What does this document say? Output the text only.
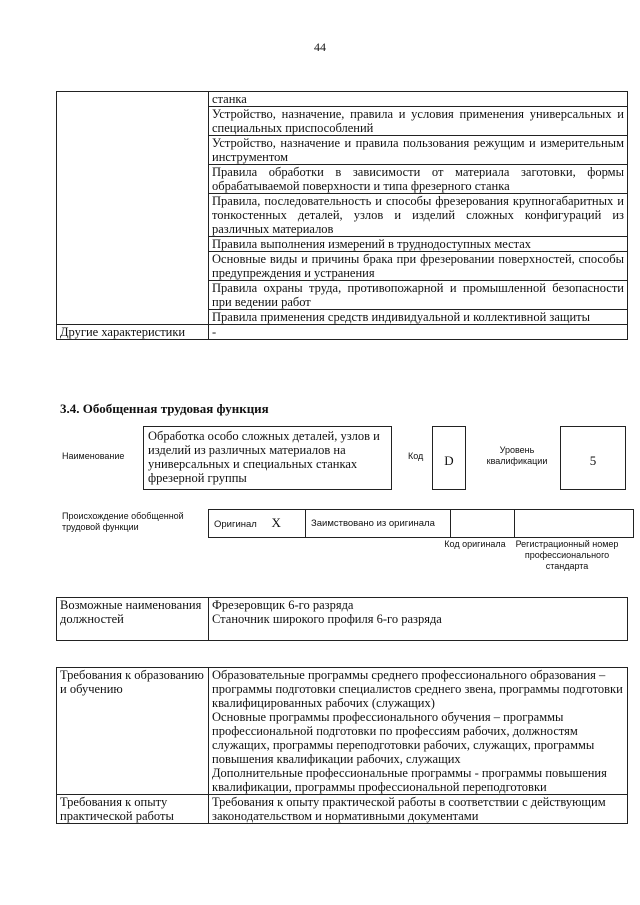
44
	станка
	Устройство, назначение, правила и условия применения универсальных и специальных приспособлений
	Устройство, назначение и правила пользования режущим и измерительным инструментом
	Правила обработки в зависимости от материала заготовки, формы обрабатываемой поверхности и типа фрезерного станка
	Правила, последовательность и способы фрезерования крупногабаритных и тонкостенных деталей, узлов и изделий сложных конфигураций из различных материалов
	Правила выполнения измерений в труднодоступных местах
	Основные виды и причины брака при фрезеровании поверхностей, способы предупреждения и устранения
	Правила охраны труда, противопожарной и промышленной безопасности при ведении работ
	Правила применения средств индивидуальной и коллективной защиты
Другие характеристики	-
3.4. Обобщенная трудовая функция
Наименование
Обработка особо сложных деталей, узлов и изделий из различных материалов на универсальных и специальных станках фрезерной группы
Код	D
Уровень квалификации	5
Происхождение обобщенной трудовой функции	Оригинал X	Заимствовано из оригинала		
Код оригинала	Регистрационный номер профессионального стандарта
Возможные наименования должностей	
Фрезеровщик 6-го разряда
Станочник широкого профиля 6-го разряда
Требования к образованию и обучению	Образовательные программы среднего профессионального образования – программы подготовки специалистов среднего звена, программы подготовки квалифицированных рабочих (служащих)
Основные программы профессионального обучения – программы профессиональной подготовки по профессиям рабочих, должностям служащих, программы переподготовки рабочих, служащих, программы повышения квалификации рабочих, служащих
Дополнительные профессиональные программы - программы повышения квалификации, программы профессиональной переподготовки

Требования к опыту практической работы	Требования к опыту практической работы в соответствии с действующим законодательством и нормативными документами
